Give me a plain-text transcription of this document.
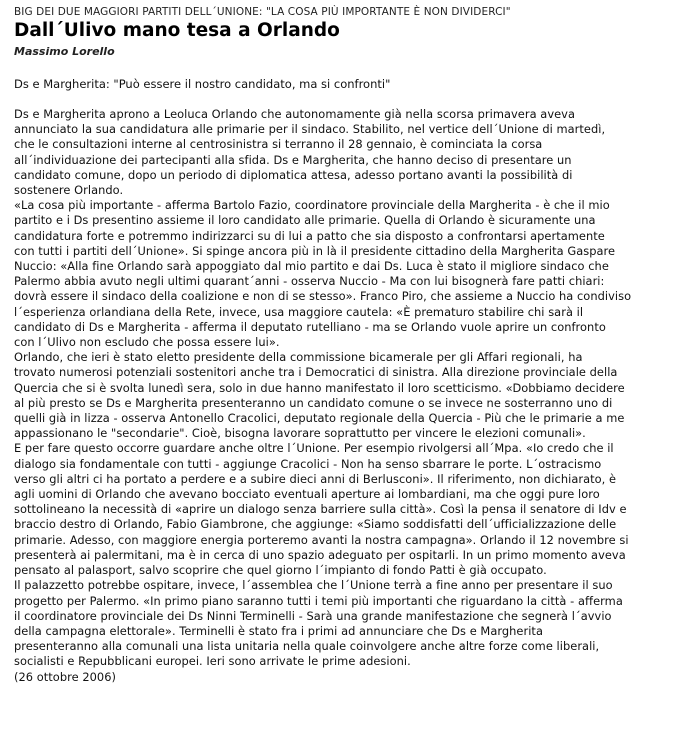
BIG DEI DUE MAGGIORI PARTITI DELL´UNIONE: "LA COSA PIÙ IMPORTANTE È NON DIVIDERCI"

Dall´Ulivo mano tesa a Orlando

Massimo Lorello

Ds e Margherita: "Può essere il nostro candidato, ma si confronti"

Ds e Margherita aprono a Leoluca Orlando che autonomamente già nella scorsa primavera aveva

annunciato la sua candidatura alle primarie per il sindaco. Stabilito, nel vertice dell´Unione di martedì,

che le consultazioni interne al centrosinistra si terranno il 28 gennaio, è cominciata la corsa

all´individuazione dei partecipanti alla sfida. Ds e Margherita, che hanno deciso di presentare un

candidato comune, dopo un periodo di diplomatica attesa, adesso portano avanti la possibilità di

sostenere Orlando.

«La cosa più importante - afferma Bartolo Fazio, coordinatore provinciale della Margherita - è che il mio

partito e i Ds presentino assieme il loro candidato alle primarie. Quella di Orlando è sicuramente una

candidatura forte e potremmo indirizzarci su di lui a patto che sia disposto a confrontarsi apertamente

con tutti i partiti dell´Unione». Si spinge ancora più in là il presidente cittadino della Margherita Gaspare

Nuccio: «Alla fine Orlando sarà appoggiato dal mio partito e dai Ds. Luca è stato il migliore sindaco che

Palermo abbia avuto negli ultimi quarant´anni - osserva Nuccio - Ma con lui bisognerà fare patti chiari:

dovrà essere il sindaco della coalizione e non di se stesso». Franco Piro, che assieme a Nuccio ha condiviso

l´esperienza orlandiana della Rete, invece, usa maggiore cautela: «È prematuro stabilire chi sarà il

candidato di Ds e Margherita - afferma il deputato rutelliano - ma se Orlando vuole aprire un confronto

con l´Ulivo non escludo che possa essere lui».

Orlando, che ieri è stato eletto presidente della commissione bicamerale per gli Affari regionali, ha

trovato numerosi potenziali sostenitori anche tra i Democratici di sinistra. Alla direzione provinciale della

Quercia che si è svolta lunedì sera, solo in due hanno manifestato il loro scetticismo. «Dobbiamo decidere

al più presto se Ds e Margherita presenteranno un candidato comune o se invece ne sosterranno uno di

quelli già in lizza - osserva Antonello Cracolici, deputato regionale della Quercia - Più che le primarie a me

appassionano le "secondarie". Cioè, bisogna lavorare soprattutto per vincere le elezioni comunali».

E per fare questo occorre guardare anche oltre l´Unione. Per esempio rivolgersi all´Mpa. «Io credo che il

dialogo sia fondamentale con tutti - aggiunge Cracolici - Non ha senso sbarrare le porte. L´ostracismo

verso gli altri ci ha portato a perdere e a subire dieci anni di Berlusconi». Il riferimento, non dichiarato, è

agli uomini di Orlando che avevano bocciato eventuali aperture ai lombardiani, ma che oggi pure loro

sottolineano la necessità di «aprire un dialogo senza barriere sulla città». Così la pensa il senatore di Idv e

braccio destro di Orlando, Fabio Giambrone, che aggiunge: «Siamo soddisfatti dell´ufficializzazione delle

primarie. Adesso, con maggiore energia porteremo avanti la nostra campagna». Orlando il 12 novembre si

presenterà ai palermitani, ma è in cerca di uno spazio adeguato per ospitarli. In un primo momento aveva

pensato al palasport, salvo scoprire che quel giorno l´impianto di fondo Patti è già occupato.

Il palazzetto potrebbe ospitare, invece, l´assemblea che l´Unione terrà a fine anno per presentare il suo

progetto per Palermo. «In primo piano saranno tutti i temi più importanti che riguardano la città - afferma

il coordinatore provinciale dei Ds Ninni Terminelli - Sarà una grande manifestazione che segnerà l´avvio

della campagna elettorale». Terminelli è stato fra i primi ad annunciare che Ds e Margherita

presenteranno alla comunali una lista unitaria nella quale coinvolgere anche altre forze come liberali,

socialisti e Repubblicani europei. Ieri sono arrivate le prime adesioni.

(26 ottobre 2006)
